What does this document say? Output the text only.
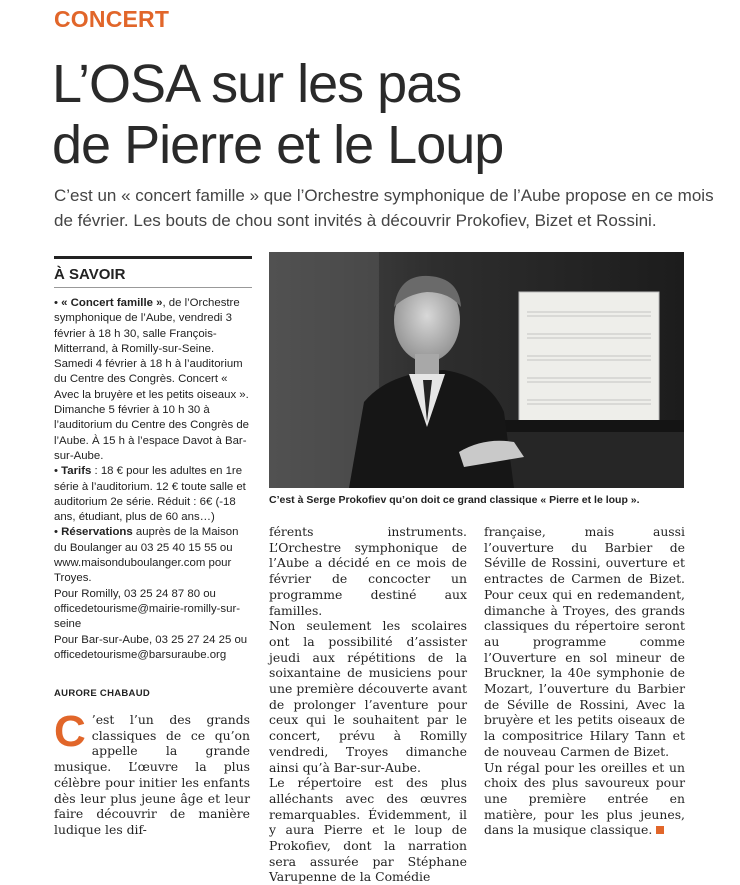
CONCERT
L’OSA sur les pas
de Pierre et le Loup
C’est un « concert famille » que l’Orchestre symphonique de l’Aube propose en ce mois de février. Les bouts de chou sont invités à découvrir Prokofiev, Bizet et Rossini.
À SAVOIR

• « Concert famille », de l’Orchestre symphonique de l’Aube, vendredi 3 février à 18 h 30, salle François-Mitterrand, à Romilly-sur-Seine. Samedi 4 février à 18 h à l’auditorium du Centre des Congrès. Concert « Avec la bruyère et les petits oiseaux ». Dimanche 5 février à 10 h 30 à l’auditorium du Centre des Congrès de l’Aube. À 15 h à l’espace Davot à Bar-sur-Aube.

• Tarifs : 18 € pour les adultes en 1re série à l’auditorium. 12 € toute salle et auditorium 2e série. Réduit : 6€ (-18 ans, étudiant, plus de 60 ans…)

• Réservations auprès de la Maison du Boulanger au 03 25 40 15 55 ou www.maisonduboulanger.com pour Troyes.

Pour Romilly, 03 25 24 87 80 ou officedetourisme@mairie-romilly-sur-seine

Pour Bar-sur-Aube, 03 25 27 24 25 ou officedetourisme@barsuraube.org

AURORE CHABAUD
C’est à Serge Prokofiev qu’on doit ce grand classique « Pierre et le loup ».
C ’est l’un des grands classiques de ce qu’on appelle la grande musique. L’œuvre la plus célèbre pour initier les enfants dès leur plus jeune âge et leur faire découvrir de manière ludique les dif-

férents instruments. L’Orchestre symphonique de l’Aube a décidé en ce mois de février de concocter un programme destiné aux familles.

Non seulement les scolaires ont la possibilité d’assister jeudi aux répétitions de la soixantaine de musiciens pour une première découverte avant de prolonger l’aventure pour ceux qui le souhaitent par le concert, prévu à Romilly vendredi, Troyes dimanche ainsi qu’à Bar-sur-Aube.

Le répertoire est des plus alléchants avec des œuvres remarquables. Évidemment, il y aura Pierre et le loup de Prokofiev, dont la narration sera assurée par Stéphane Varupenne de la Comédie

française, mais aussi l’ouverture du Barbier de Séville de Rossini, ouverture et entractes de Carmen de Bizet. Pour ceux qui en redemandent, dimanche à Troyes, des grands classiques du répertoire seront au programme comme l’Ouverture en sol mineur de Bruckner, la 40e symphonie de Mozart, l’ouverture du Barbier de Séville de Rossini, Avec la bruyère et les petits oiseaux de la compositrice Hilary Tann et de nouveau Carmen de Bizet.

Un régal pour les oreilles et un choix des plus savoureux pour une première entrée en matière, pour les plus jeunes, dans la musique classique.
